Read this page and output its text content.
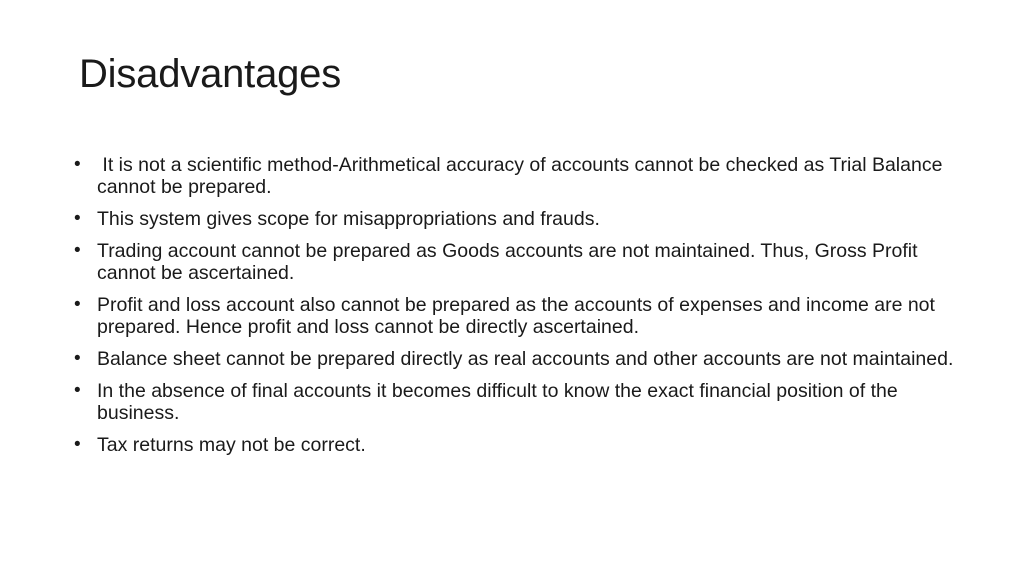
Disadvantages
• It is not a scientific method-Arithmetical accuracy of accounts cannot be checked as Trial Balance cannot be prepared.
• This system gives scope for misappropriations and frauds.
• Trading account cannot be prepared as Goods accounts are not maintained. Thus, Gross Profit cannot be ascertained.
• Profit and loss account also cannot be prepared as the accounts of expenses and income are not prepared. Hence profit and loss cannot be directly ascertained.
• Balance sheet cannot be prepared directly as real accounts and other accounts are not maintained.
• In the absence of final accounts it becomes difficult to know the exact financial position of the business.
• Tax returns may not be correct.
